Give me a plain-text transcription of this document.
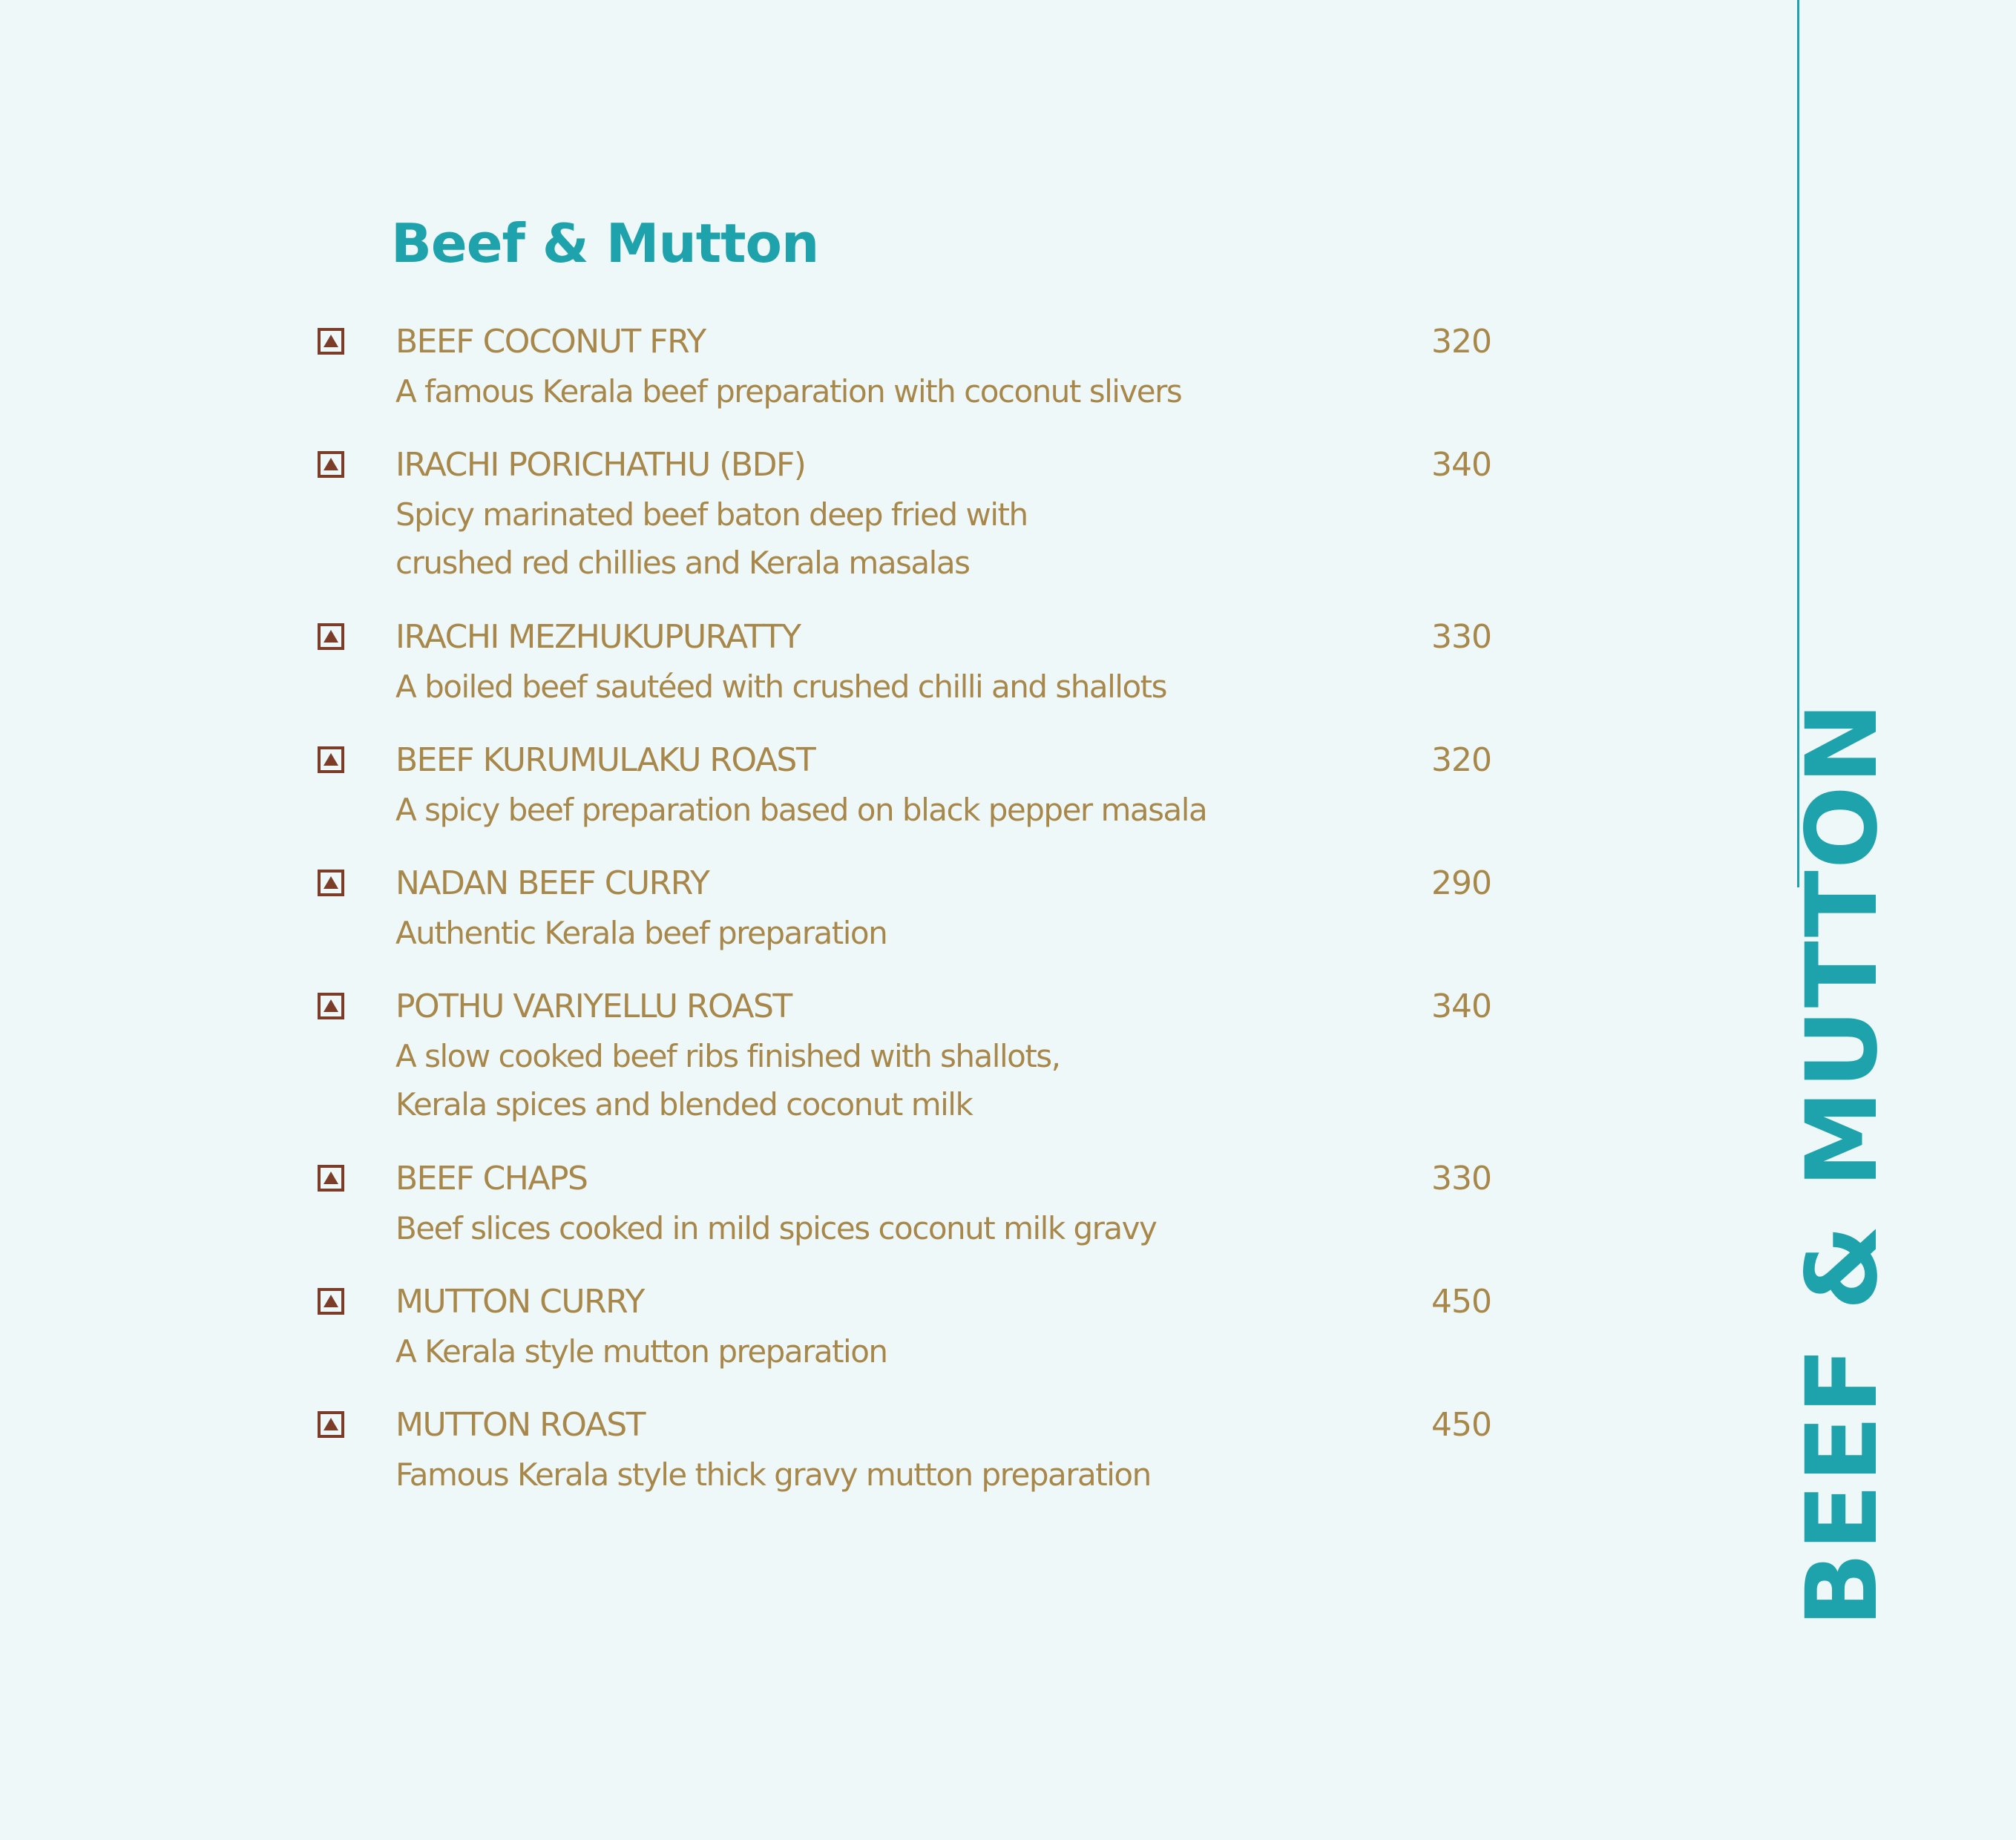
Beef & Mutton
BEEF COCONUT FRY	320
A famous Kerala beef preparation with coconut slivers
IRACHI PORICHATHU (BDF)	340
Spicy marinated beef baton deep fried with
crushed red chillies and Kerala masalas
IRACHI MEZHUKUPURATTY	330
A boiled beef sautéed with crushed chilli and shallots
BEEF KURUMULAKU ROAST	320
A spicy beef preparation based on black pepper masala
NADAN BEEF CURRY	290
Authentic Kerala beef preparation
POTHU VARIYELLU ROAST	340
A slow cooked beef ribs finished with shallots,
Kerala spices and blended coconut milk
BEEF CHAPS	330
Beef slices cooked in mild spices coconut milk gravy
MUTTON CURRY	450
A Kerala style mutton preparation
MUTTON ROAST	450
Famous Kerala style thick gravy mutton preparation	BEEF & MUTTON
